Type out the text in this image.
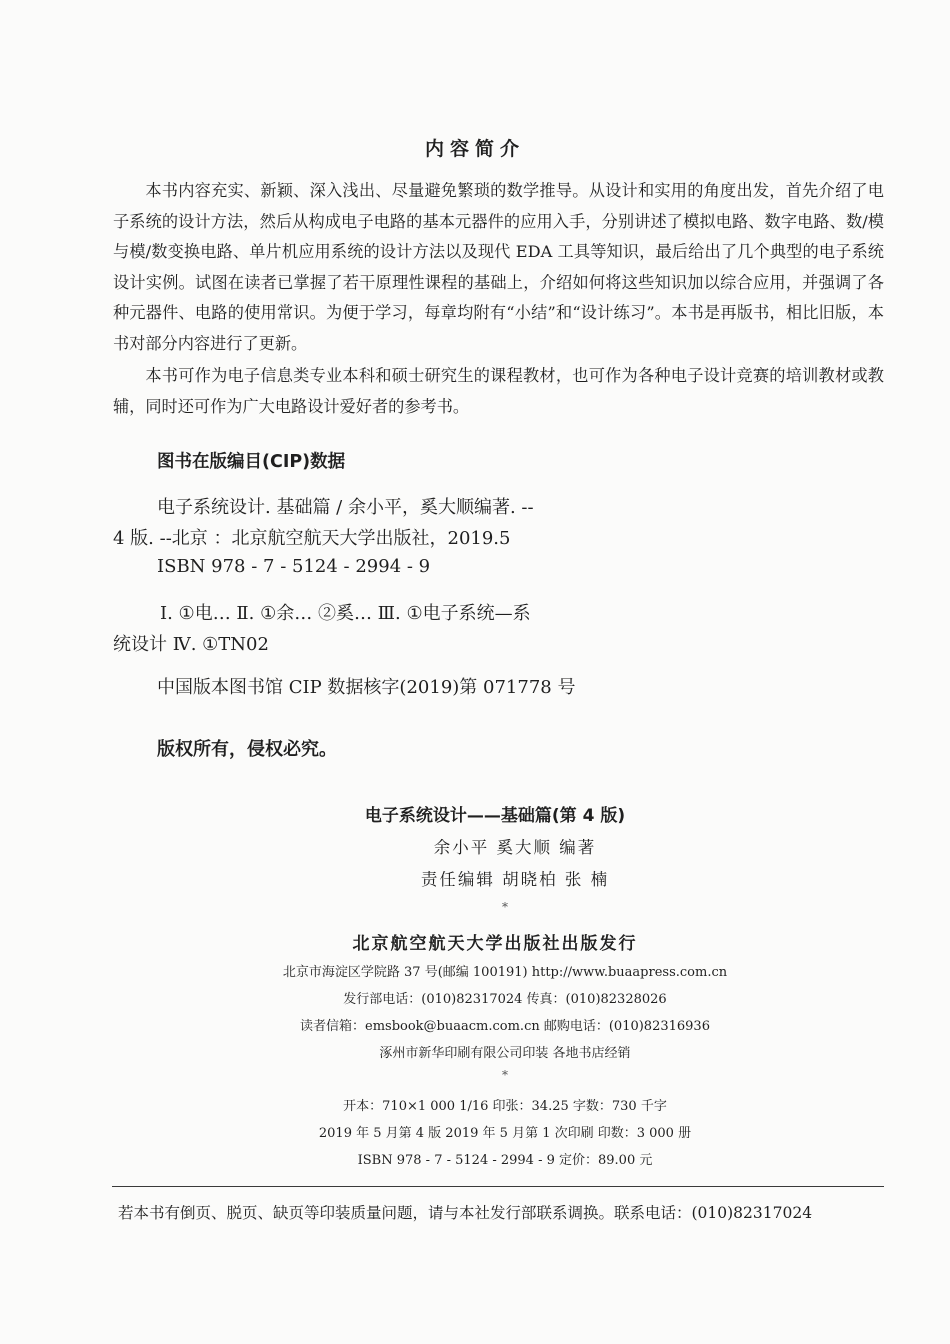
内容简介

本书内容充实、新颖、深入浅出、尽量避免繁琐的数学推导。从设计和实用的角度出发，首先介绍了电子系统的设计方法，然后从构成电子电路的基本元器件的应用入手，分别讲述了模拟电路、数字电路、数/模与模/数变换电路、单片机应用系统的设计方法以及现代 EDA 工具等知识，最后给出了几个典型的电子系统设计实例。试图在读者已掌握了若干原理性课程的基础上，介绍如何将这些知识加以综合应用，并强调了各种元器件、电路的使用常识。为便于学习，每章均附有“小结”和“设计练习”。本书是再版书，相比旧版，本书对部分内容进行了更新。

本书可作为电子信息类专业本科和硕士研究生的课程教材，也可作为各种电子设计竞赛的培训教材或教辅，同时还可作为广大电路设计爱好者的参考书。

图书在版编目(CIP)数据
电子系统设计. 基础篇 / 余小平，奚大顺编著. --
4 版. --北京 ：北京航空航天大学出版社，2019.5
ISBN 978 - 7 - 5124 - 2994 - 9
Ⅰ. ①电… Ⅱ. ①余… ②奚… Ⅲ. ①电子系统—系
统设计 Ⅳ. ①TN02
中国版本图书馆 CIP 数据核字(2019)第 071778 号
版权所有，侵权必究。
电子系统设计——基础篇(第 4 版)
余小平 奚大顺 编著
责任编辑 胡晓柏 张 楠
*
北京航空航天大学出版社出版发行
北京市海淀区学院路 37 号(邮编 100191) http://www.buaapress.com.cn
发行部电话：(010)82317024 传真：(010)82328026
读者信箱：emsbook@buaacm.com.cn 邮购电话：(010)82316936
涿州市新华印刷有限公司印装 各地书店经销
*
开本：710×1 000 1/16 印张：34.25 字数：730 千字
2019 年 5 月第 4 版 2019 年 5 月第 1 次印刷 印数：3 000 册
ISBN 978 - 7 - 5124 - 2994 - 9 定价：89.00 元
若本书有倒页、脱页、缺页等印装质量问题，请与本社发行部联系调换。联系电话：(010)82317024
